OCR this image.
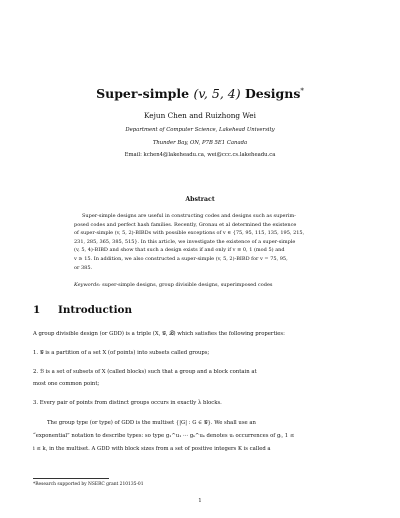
Super-simple (v, 5, 4) Designs*
Kejun Chen and Ruizhong Wei
Department of Computer Science, Lakehead University
Thunder Bay, ON, P7B 5E1 Canada
Email: kchen4@lakeheadu.ca, wei@ccc.cs.lakeheadu.ca
Abstract
Super-simple designs are useful in constructing codes and designs such as superim-
posed codes and perfect hash families. Recently, Gronau et al determined the existence
of super-simple (v, 5, 2)-BIBDs with possible exceptions of v ∈ {75, 95, 115, 135, 195, 215,
231, 285, 365, 385, 515}. In this article, we investigate the existence of a super-simple
(v, 5, 4)-BIBD and show that such a design exists if and only if v ≡ 0, 1 (mod 5) and
v ≥ 15. In addition, we also constructed a super-simple (v, 5, 2)-BIBD for v = 75, 95,
or 385.
Keywords: super-simple designs, group divisible designs, superimposed codes
1 Introduction
A group divisible design (or GDD) is a triple (X, 𝒢, ℬ) which satisfies the following properties:
1. 𝒢 is a partition of a set X (of points) into subsets called groups;
2. ℬ is a set of subsets of X (called blocks) such that a group and a block contain at
most one common point;
3. Every pair of points from distinct groups occurs in exactly λ blocks.
The group type (or type) of GDD is the multiset {|G| : G ∈ 𝒢}. We shall use an
“exponential” notation to describe types: so type g₁^u₁ ··· gₖ^uₖ denotes uᵢ occurrences of gᵢ, 1 ≤
i ≤ k, in the multiset. A GDD with block sizes from a set of positive integers K is called a
*Research supported by NSERC grant 210135-01
1
